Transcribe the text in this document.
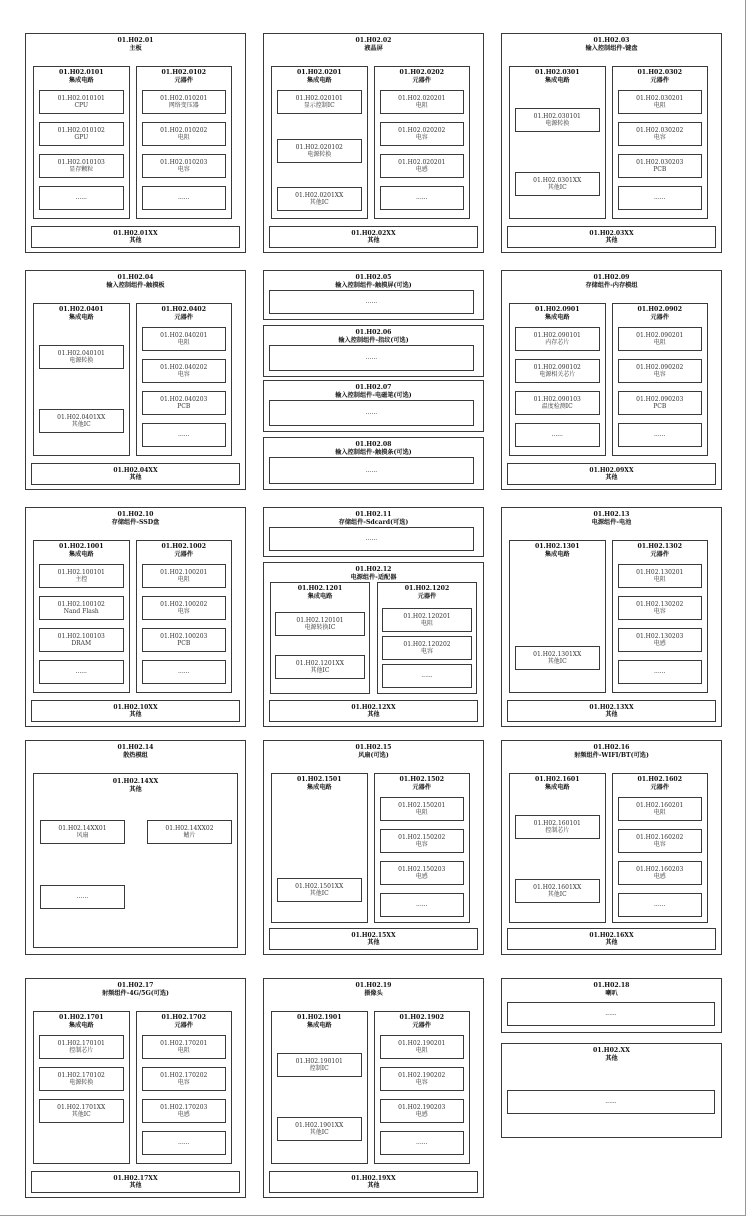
01.H02.01
主板
01.H02.0101
集成电路
01.H02.0102
元器件
01.H02.010101
CPU
01.H02.010102
GPU
01.H02.010103
显存颗粒
......
01.H02.010201
网络变压器
01.H02.010202
电阻
01.H02.010203
电容
......
01.H02.01XX
其他
01.H02.02
液晶屏
01.H02.0201
集成电路
01.H02.0202
元器件
01.H02.020101
显示控制IC
01.H02.020102
电源转换
01.H02.0201XX
其他IC
01.H02.020201
电阻
01.H02.020202
电容
01.H02.020201
电感
......
01.H02.02XX
其他
01.H02.03
输入控制组件-键盘
01.H02.0301
集成电路
01.H02.0302
元器件
01.H02.030101
电源转换
01.H02.0301XX
其他IC
01.H02.030201
电阻
01.H02.030202
电容
01.H02.030203
PCB
......
01.H02.03XX
其他
01.H02.04
输入控制组件-触摸板
01.H02.0401
集成电路
01.H02.0402
元器件
01.H02.040101
电源转换
01.H02.0401XX
其他IC
01.H02.040201
电阻
01.H02.040202
电容
01.H02.040203
PCB
......
01.H02.04XX
其他
01.H02.05
输入控制组件-触摸屏(可选)
......
01.H02.06
输入控制组件-指纹(可选)
......
01.H02.07
输入控制组件-电磁笔(可选)
......
01.H02.08
输入控制组件-触摸条(可选)
......
01.H02.09
存储组件-内存模组
01.H02.0901
集成电路
01.H02.0902
元器件
01.H02.090101
内存芯片
01.H02.090102
电源相关芯片
01.H02.090103
温度检测IC
......
01.H02.090201
电阻
01.H02.090202
电容
01.H02.090203
PCB
......
01.H02.09XX
其他
01.H02.10
存储组件-SSD盘
01.H02.1001
集成电路
01.H02.1002
元器件
01.H02.100101
主控
01.H02.100102
Nand Flash
01.H02.100103
DRAM
......
01.H02.100201
电阻
01.H02.100202
电容
01.H02.100203
PCB
......
01.H02.10XX
其他
01.H02.11
存储组件-Sdcard(可选)
......
01.H02.12
电源组件-适配器
01.H02.1201
集成电路
01.H02.1202
元器件
01.H02.120101
电源转换IC
01.H02.1201XX
其他IC
01.H02.120201
电阻
01.H02.120202
电容
......
01.H02.12XX
其他
01.H02.13
电源组件-电池
01.H02.1301
集成电路
01.H02.1302
元器件
01.H02.1301XX
其他IC
01.H02.130201
电阻
01.H02.130202
电容
01.H02.130203
电感
......
01.H02.13XX
其他
01.H02.14
散热模组
01.H02.14XX
其他
01.H02.14XX01
风扇
01.H02.14XX02
鳍片
......
01.H02.15
风扇(可选)
01.H02.1501
集成电路
01.H02.1502
元器件
01.H02.1501XX
其他IC
01.H02.150201
电阻
01.H02.150202
电容
01.H02.150203
电感
......
01.H02.15XX
其他
01.H02.16
射频组件-WIFI/BT(可选)
01.H02.1601
集成电路
01.H02.1602
元器件
01.H02.160101
控制芯片
01.H02.1601XX
其他IC
01.H02.160201
电阻
01.H02.160202
电容
01.H02.160203
电感
......
01.H02.16XX
其他
01.H02.17
射频组件-4G/5G(可选)
01.H02.1701
集成电路
01.H02.1702
元器件
01.H02.170101
控制芯片
01.H02.170102
电源转换
01.H02.1701XX
其他IC
01.H02.170201
电阻
01.H02.170202
电容
01.H02.170203
电感
......
01.H02.17XX
其他
01.H02.19
摄像头
01.H02.1901
集成电路
01.H02.1902
元器件
01.H02.190101
控制IC
01.H02.1901XX
其他IC
01.H02.190201
电阻
01.H02.190202
电容
01.H02.190203
电感
......
01.H02.19XX
其他
01.H02.18
喇叭
......
01.H02.XX
其他
......
